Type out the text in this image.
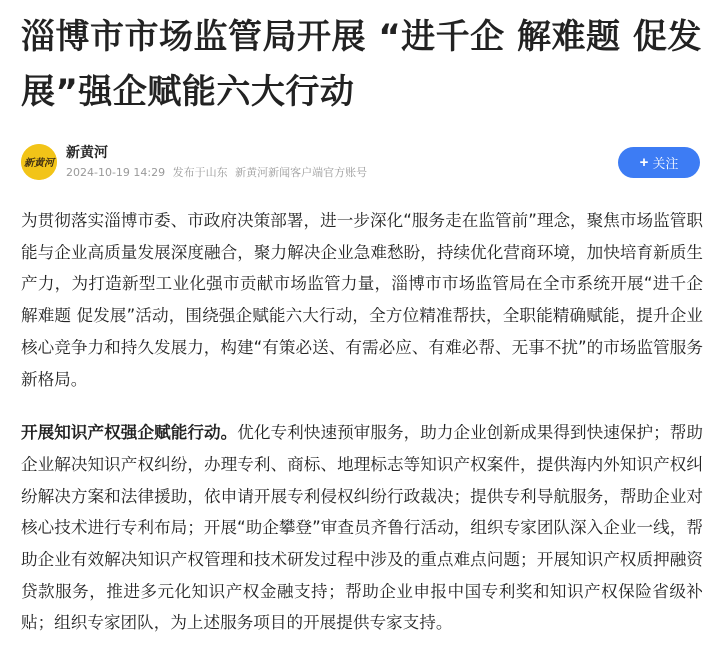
淄博市市场监管局开展 “进千企 解难题 促发展”强企赋能六大行动
新黄河
新黄河
2024-10-19 14:29 发布于山东 新黄河新闻客户端官方账号
+ 关注

为贯彻落实淄博市委、市政府决策部署，进一步深化“服务走在监管前”理念，聚焦市场监管职能与企业高质量发展深度融合，聚力解决企业急难愁盼，持续优化营商环境，加快培育新质生产力，为打造新型工业化强市贡献市场监管力量，淄博市市场监管局在全市系统开展“进千企 解难题 促发展”活动，围绕强企赋能六大行动，全方位精准帮扶，全职能精确赋能，提升企业核心竞争力和持久发展力，构建“有策必送、有需必应、有难必帮、无事不扰”的市场监管服务新格局。

开展知识产权强企赋能行动。优化专利快速预审服务，助力企业创新成果得到快速保护；帮助企业解决知识产权纠纷，办理专利、商标、地理标志等知识产权案件，提供海内外知识产权纠纷解决方案和法律援助，依申请开展专利侵权纠纷行政裁决；提供专利导航服务，帮助企业对核心技术进行专利布局；开展“助企攀登”审查员齐鲁行活动，组织专家团队深入企业一线，帮助企业有效解决知识产权管理和技术研发过程中涉及的重点难点问题；开展知识产权质押融资贷款服务，推进多元化知识产权金融支持；帮助企业申报中国专利奖和知识产权保险省级补贴；组织专家团队，为上述服务项目的开展提供专家支持。
